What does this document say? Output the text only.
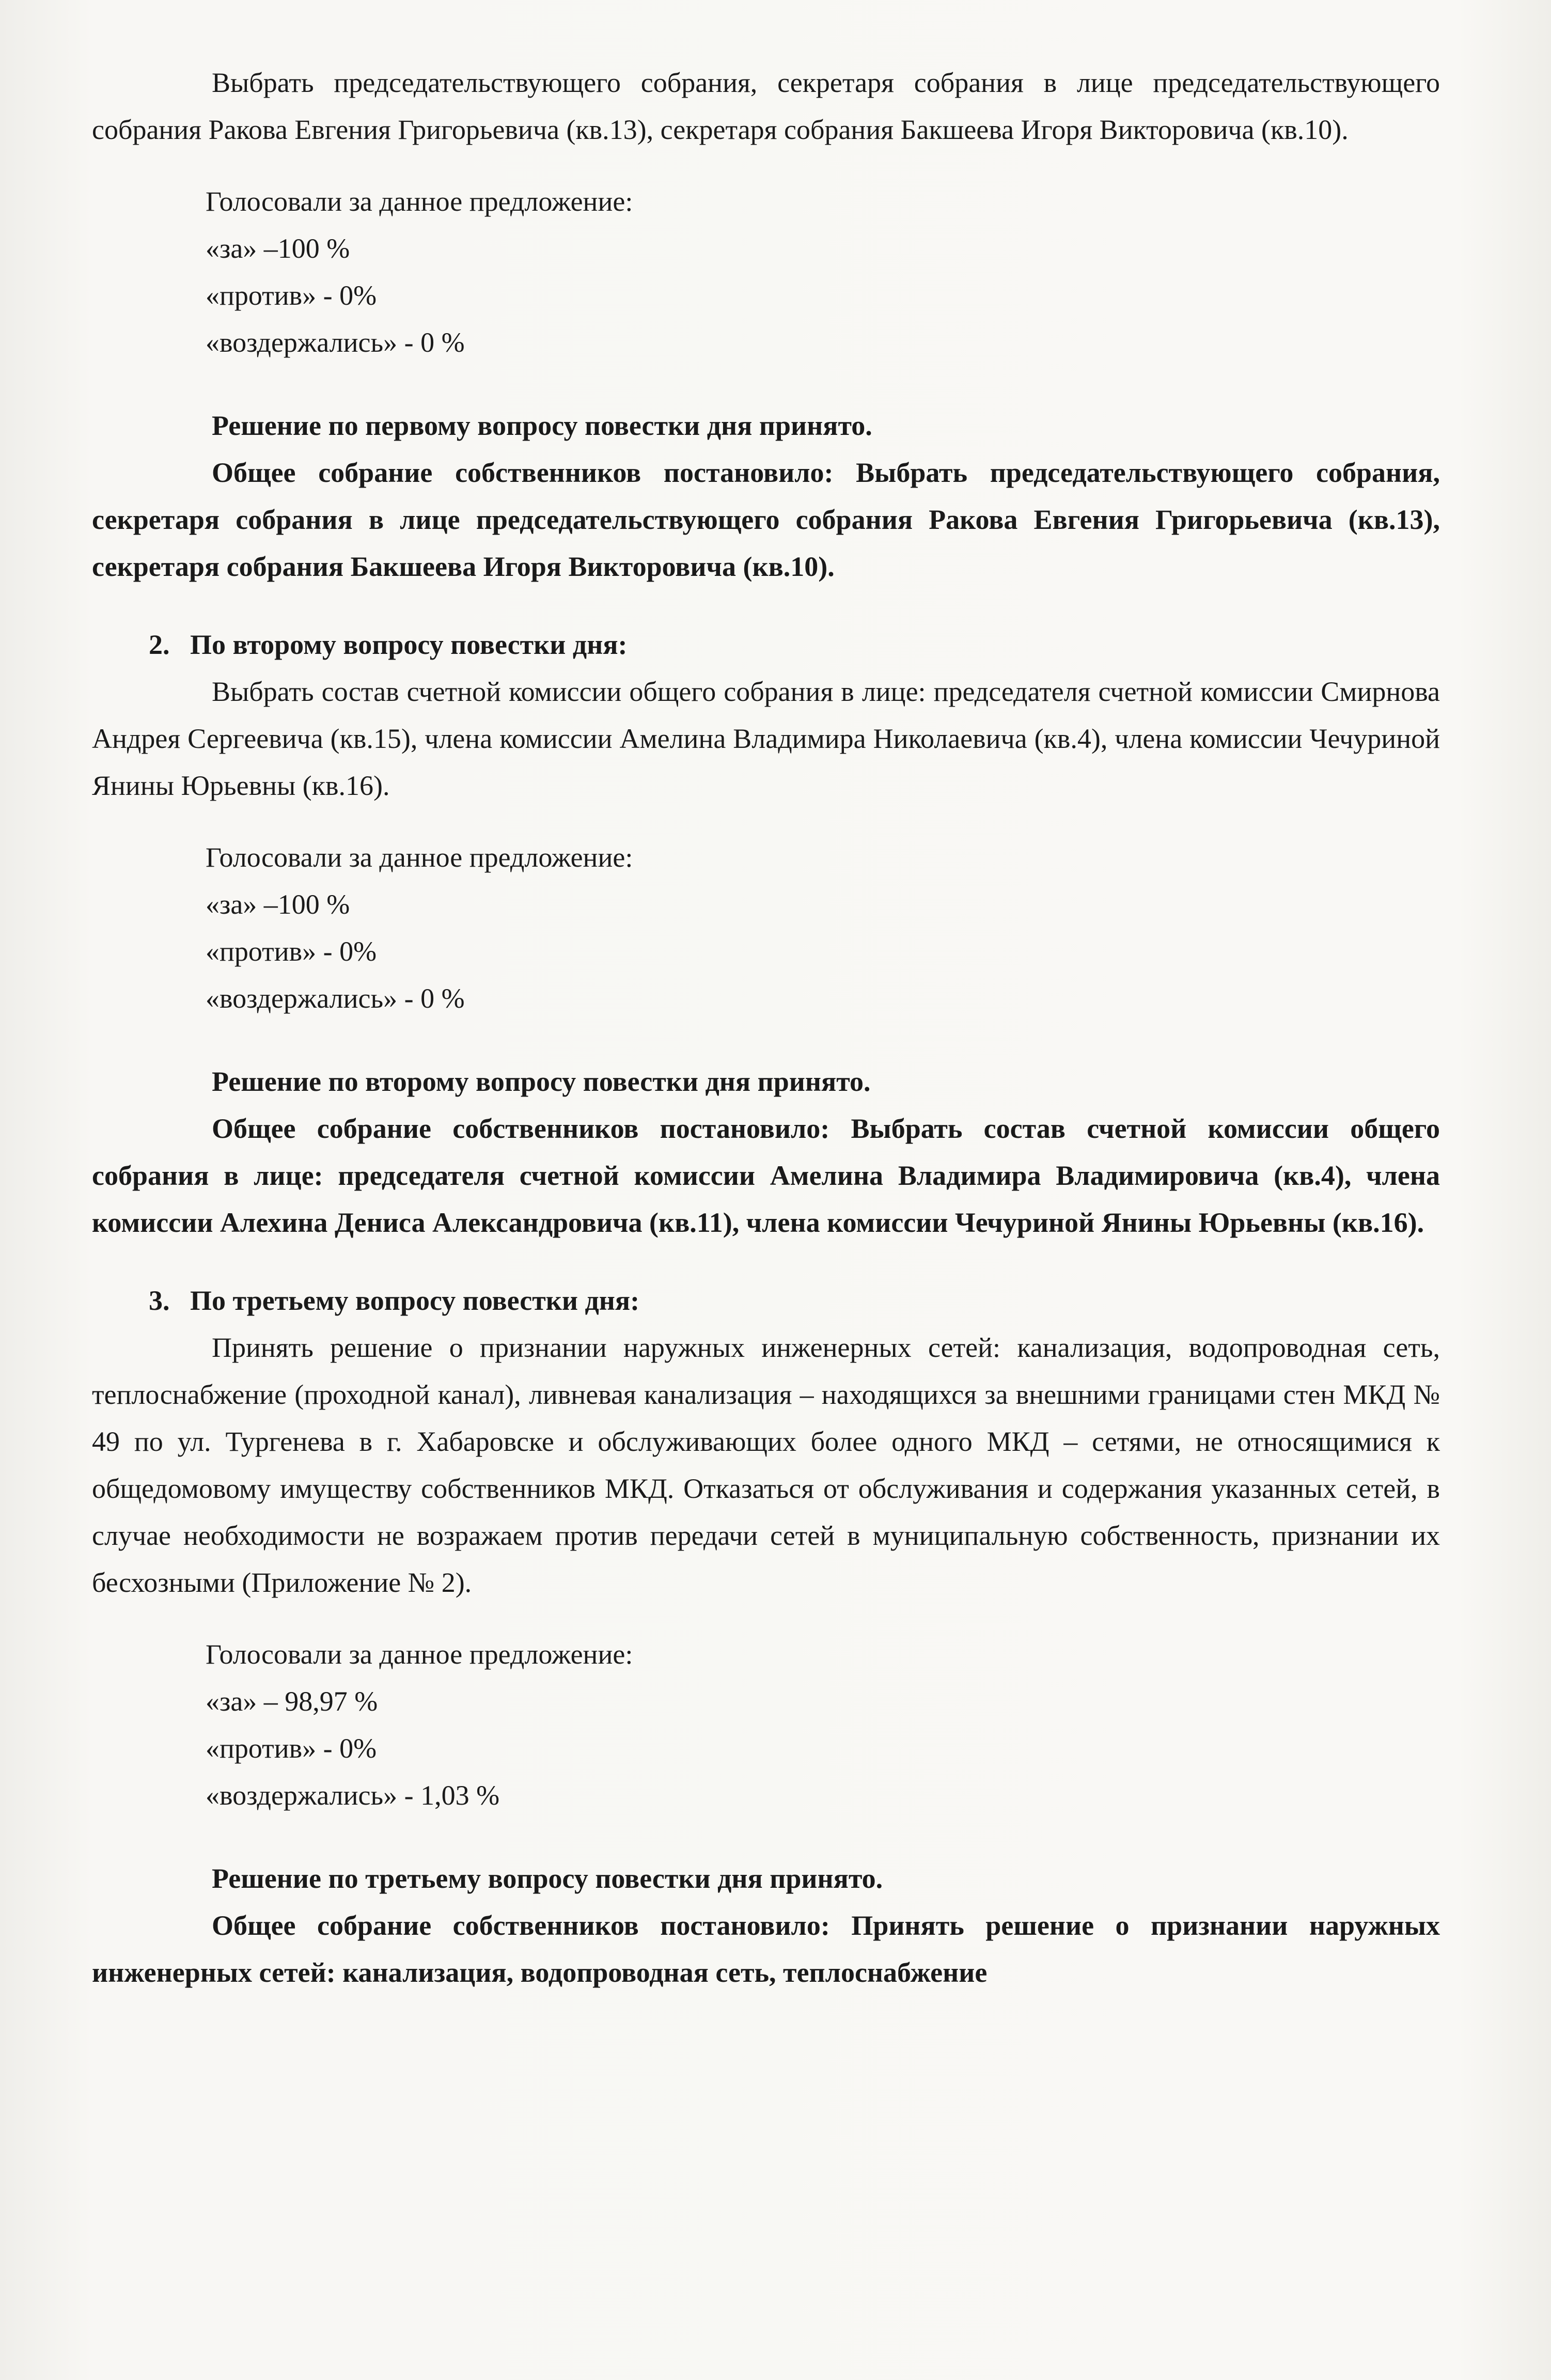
Выбрать председательствующего собрания, секретаря собрания в лице председательствующего собрания Ракова Евгения Григорьевича (кв.13), секретаря собрания Бакшеева Игоря Викторовича (кв.10).

Голосовали за данное предложение:
«за» –100 %
«против» - 0%
«воздержались» - 0 %

Решение по первому вопросу повестки дня принято.

Общее собрание собственников постановило: Выбрать председательствующего собрания, секретаря собрания в лице председательствующего собрания Ракова Евгения Григорьевича (кв.13), секретаря собрания Бакшеева Игоря Викторовича (кв.10).

2. По второму вопросу повестки дня:

Выбрать состав счетной комиссии общего собрания в лице: председателя счетной комиссии Смирнова Андрея Сергеевича (кв.15), члена комиссии Амелина Владимира Николаевича (кв.4), члена комиссии Чечуриной Янины Юрьевны (кв.16).

Голосовали за данное предложение:
«за» –100 %
«против» - 0%
«воздержались» - 0 %

Решение по второму вопросу повестки дня принято.

Общее собрание собственников постановило: Выбрать состав счетной комиссии общего собрания в лице: председателя счетной комиссии Амелина Владимира Владимировича (кв.4), члена комиссии Алехина Дениса Александровича (кв.11), члена комиссии Чечуриной Янины Юрьевны (кв.16).

3. По третьему вопросу повестки дня:

Принять решение о признании наружных инженерных сетей: канализация, водопроводная сеть, теплоснабжение (проходной канал), ливневая канализация – находящихся за внешними границами стен МКД № 49 по ул. Тургенева в г. Хабаровске и обслуживающих более одного МКД – сетями, не относящимися к общедомовому имуществу собственников МКД. Отказаться от обслуживания и содержания указанных сетей, в случае необходимости не возражаем против передачи сетей в муниципальную собственность, признании их бесхозными (Приложение № 2).

Голосовали за данное предложение:
«за» – 98,97 %
«против» - 0%
«воздержались» - 1,03 %

Решение по третьему вопросу повестки дня принято.

Общее собрание собственников постановило: Принять решение о признании наружных инженерных сетей: канализация, водопроводная сеть, теплоснабжение
